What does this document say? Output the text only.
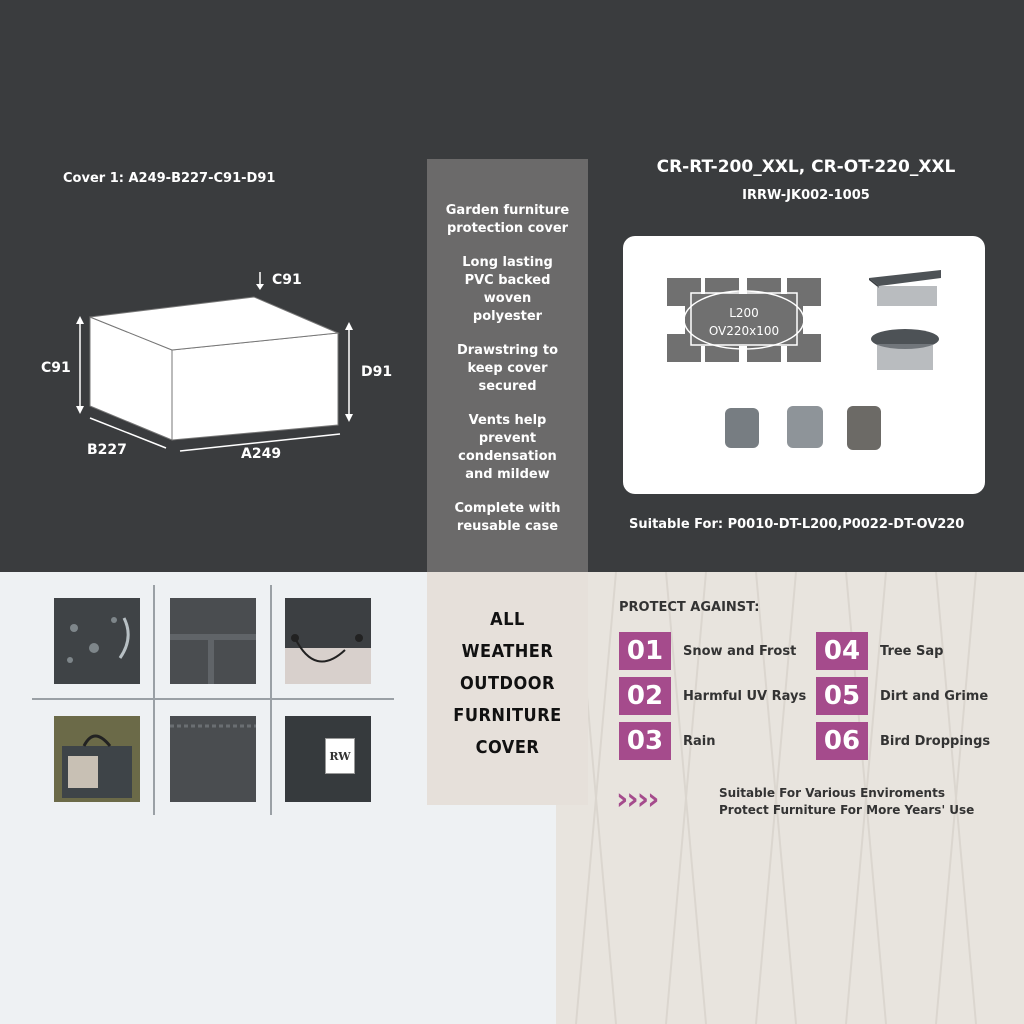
Cover 1: A249-B227-C91-D91
C91
C91	D91
B227	A249
Garden furniture protection cover
Long lasting PVC backed woven polyester
Drawstring to keep cover secured
Vents help prevent condensation and mildew
Complete with reusable case
CR-RT-200_XXL, CR-OT-220_XXL
IRRW-JK002-1005
L200
OV220x100
Suitable For: P0010-DT-L200,P0022-DT-OV220
RW
ALL
WEATHER
OUTDOOR
FURNITURE
COVER
PROTECT AGAINST:
01	Snow and Frost
02	Harmful UV Rays
03	Rain
04	Tree Sap
05	Dirt and Grime
06	Bird Droppings
››››	Suitable For Various Enviroments
Protect Furniture For More Years' Use
